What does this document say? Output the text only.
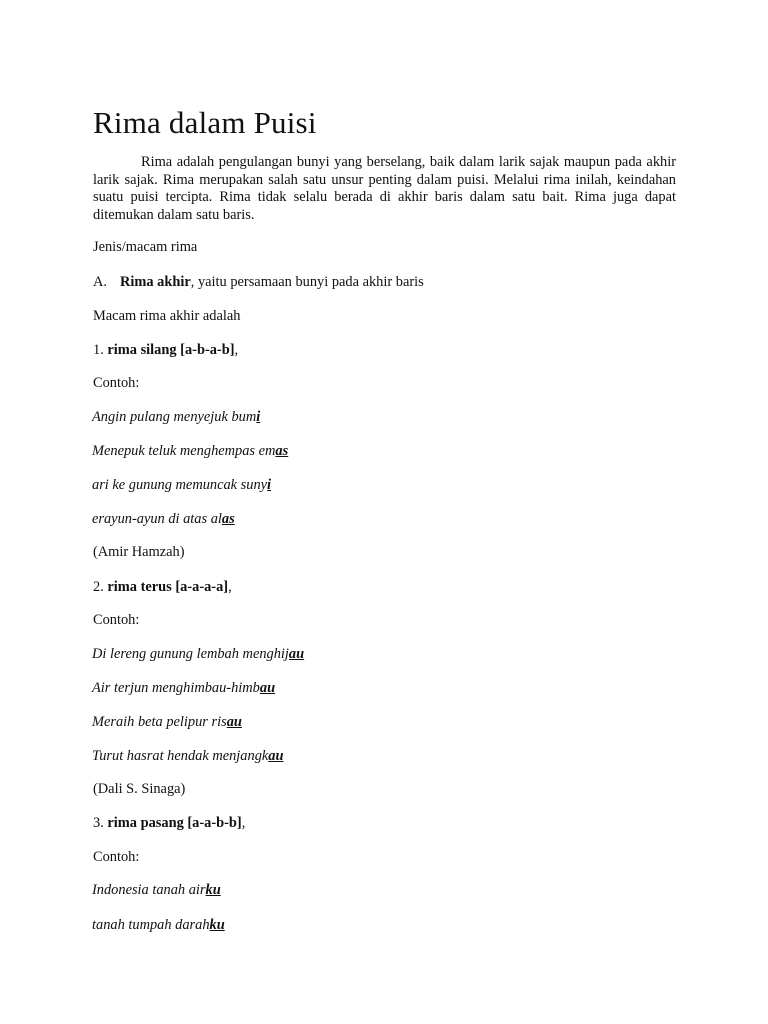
Rima dalam Puisi

Rima adalah pengulangan bunyi yang berselang, baik dalam larik sajak maupun pada akhir larik sajak. Rima merupakan salah satu unsur penting dalam puisi. Melalui rima inilah, keindahan suatu puisi tercipta. Rima tidak selalu berada di akhir baris dalam satu bait. Rima juga dapat ditemukan dalam satu baris.

Jenis/macam rima

A. Rima akhir, yaitu persamaan bunyi pada akhir baris

Macam rima akhir adalah

1. rima silang [a-b-a-b],

Contoh:

Angin pulang menyejuk bumi

Menepuk teluk menghempas emas

ari ke gunung memuncak sunyi

erayun-ayun di atas alas

(Amir Hamzah)

2. rima terus [a-a-a-a],

Contoh:

Di lereng gunung lembah menghijau

Air terjun menghimbau-himbau

Meraih beta pelipur risau

Turut hasrat hendak menjangkau

(Dali S. Sinaga)

3. rima pasang [a-a-b-b],

Contoh:

Indonesia tanah airku

tanah tumpah darahku
